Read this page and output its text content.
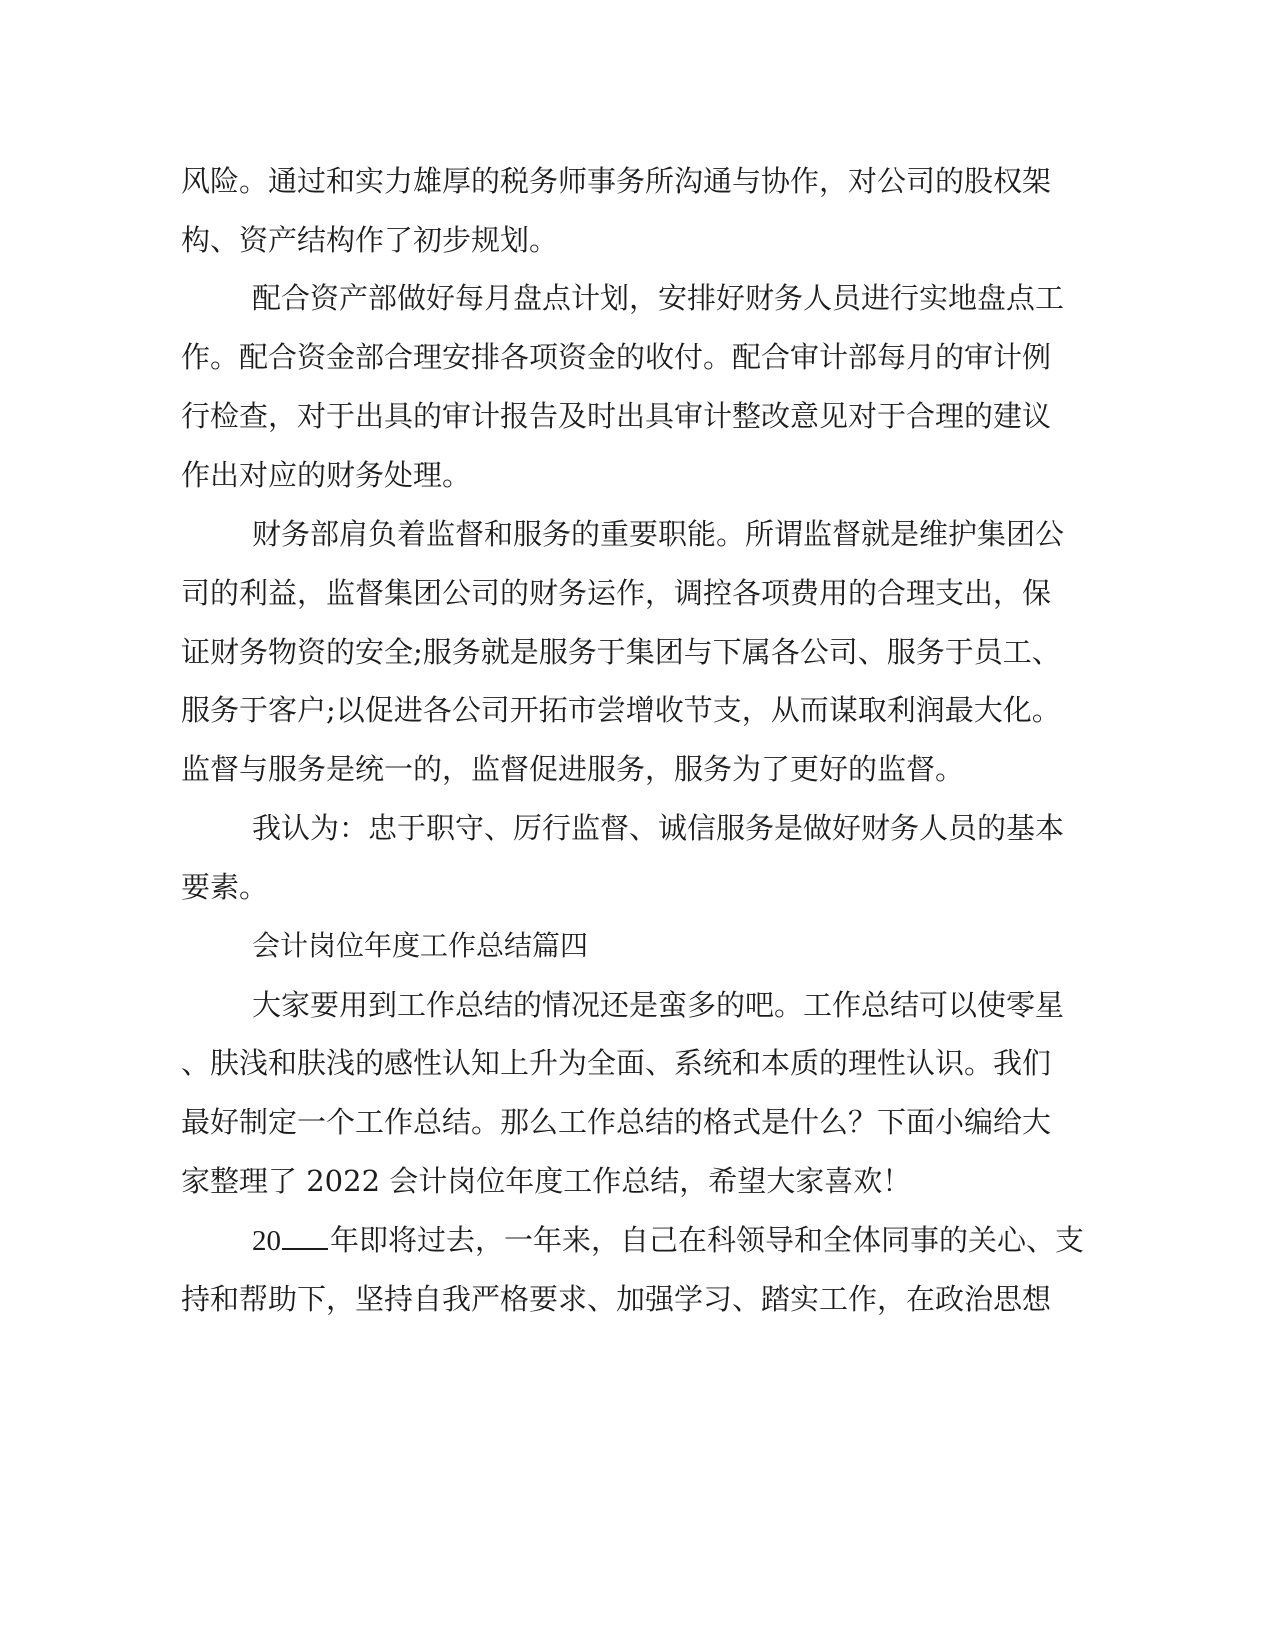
风险。通过和实力雄厚的税务师事务所沟通与协作，对公司的股权架
构、资产结构作了初步规划。
配合资产部做好每月盘点计划，安排好财务人员进行实地盘点工
作。配合资金部合理安排各项资金的收付。配合审计部每月的审计例
行检查，对于出具的审计报告及时出具审计整改意见对于合理的建议
作出对应的财务处理。
财务部肩负着监督和服务的重要职能。所谓监督就是维护集团公
司的利益，监督集团公司的财务运作，调控各项费用的合理支出，保
证财务物资的安全;服务就是服务于集团与下属各公司、服务于员工、
服务于客户;以促进各公司开拓市尝增收节支，从而谋取利润最大化。
监督与服务是统一的，监督促进服务，服务为了更好的监督。
我认为：忠于职守、厉行监督、诚信服务是做好财务人员的基本
要素。
会计岗位年度工作总结篇四
大家要用到工作总结的情况还是蛮多的吧。工作总结可以使零星
、肤浅和肤浅的感性认知上升为全面、系统和本质的理性认识。我们
最好制定一个工作总结。那么工作总结的格式是什么？下面小编给大
家整理了 2022 会计岗位年度工作总结，希望大家喜欢！
20 年即将过去，一年来，自己在科领导和全体同事的关心、支
持和帮助下，坚持自我严格要求、加强学习、踏实工作，在政治思想
